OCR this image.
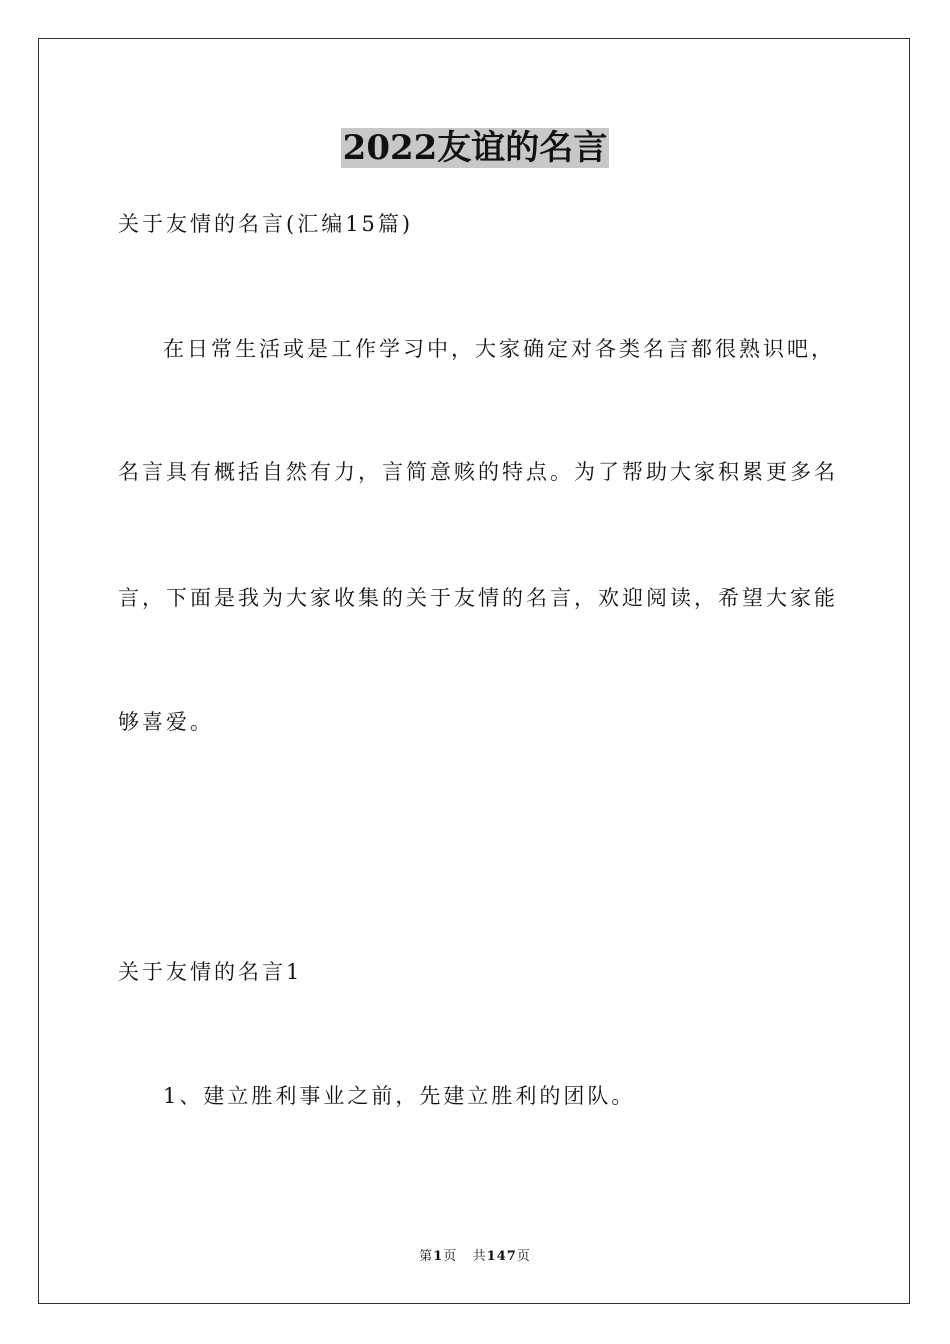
2022友谊的名言
关于友情的名言(汇编15篇)
在日常生活或是工作学习中，大家确定对各类名言都很熟识吧，
名言具有概括自然有力，言简意赅的特点。为了帮助大家积累更多名
言，下面是我为大家收集的关于友情的名言，欢迎阅读，希望大家能
够喜爱。
关于友情的名言1
1、建立胜利事业之前，先建立胜利的团队。
第1页 共147页
